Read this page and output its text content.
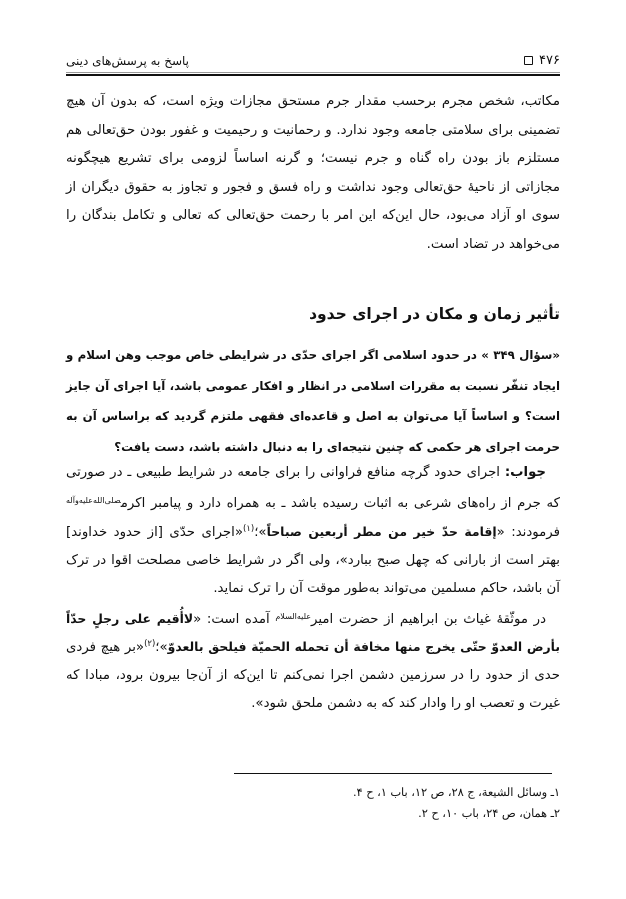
۴۷۶
پاسخ به پرسش‌های دینی

مکاتب، شخص مجرم برحسب مقدار جرم مستحق مجازات ویژه است، که بدون آن هیچ تضمینی برای سلامتی جامعه وجود ندارد. و رحمانیت و رحیمیت و غفور بودن حق‌تعالی هم مستلزم باز بودن راه گناه و جرم نیست؛ و گرنه اساساً لزومی برای تشریع هیچگونه مجازاتی از ناحیهٔ حق‌تعالی وجود نداشت و راه فسق و فجور و تجاوز به حقوق دیگران از سوی او آزاد می‌بود، حال این‌که این امر با رحمت حق‌تعالی که تعالی و تکامل بندگان را می‌خواهد در تضاد است.

تأثیر زمان و مکان در اجرای حدود
«سؤال ۳۴۹ » در حدود اسلامی اگر اجرای حدّی در شرایطی خاص موجب وهن اسلام و ایجاد تنفّر نسبت به مقررات اسلامی در انظار و افکار عمومی باشد، آیا اجرای آن جایز است؟ و اساساً آیا می‌توان به اصل و قاعده‌ای فقهی ملتزم گردید که براساس آن به حرمت اجرای هر حکمی که چنین نتیجه‌ای را به دنبال داشته باشد، دست یافت؟

جواب: اجرای حدود گرچه منافع فراوانی را برای جامعه در شرایط طبیعی ـ در صورتی که جرم از راه‌های شرعی به اثبات رسیده باشد ـ به همراه دارد و پیامبر اکرم$^{صلی‌الله‌علیه‌وآله}$ فرمودند: «إقامة حدّ خير من مطر أربعين صباحاً»؛$^{(۱)}$«اجرای حدّی [از حدود خداوند] بهتر است از بارانی که چهل صبح ببارد»، ولی اگر در شرایط خاصی مصلحت اقوا در ترک آن باشد، حاکم مسلمین می‌تواند به‌طور موقت آن را ترک نماید.

در موثّقهٔ غیاث بن ابراهیم از حضرت امیر$^{علیه‌السلام}$ آمده است: «لاأُقيم على رجلٍ حدّاً بأرض العدوّ حتّى يخرج منها مخافة أن تحمله الحميّة فيلحق بالعدوّ»؛$^{(۲)}$«بر هیچ فردی حدی از حدود را در سرزمین دشمن اجرا نمی‌کنم تا این‌که از آن‌جا بیرون برود، مبادا که غیرت و تعصب او را وادار کند که به دشمن ملحق شود».

۱ـ وسائل الشیعة، ج ۲۸، ص ۱۲، باب ۱، ح ۴.
۲ـ همان، ص ۲۴، باب ۱۰، ح ۲.
